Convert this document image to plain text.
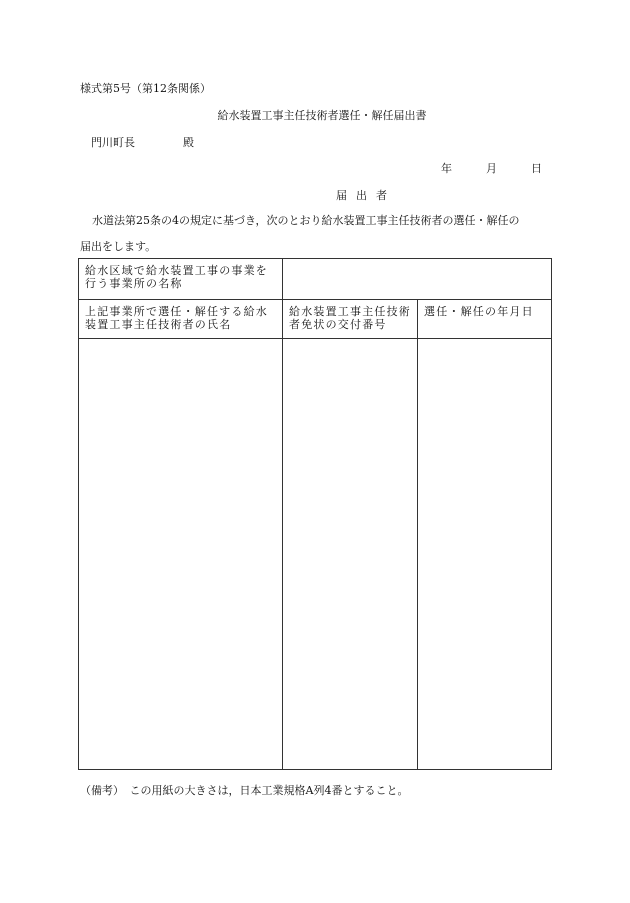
様式第5号（第12条関係）
給水装置工事主任技術者選任・解任届出書
門川町長	殿
年	月	日
届出者
水道法第25条の4の規定に基づき，次のとおり給水装置工事主任技術者の選任・解任の
届出をします。
給水区域で給水装置工事の事業を行う事業所の名称		
上記事業所で選任・解任する給水装置工事主任技術者の氏名	給水装置工事主任技術者免状の交付番号	選任・解任の年月日

（備考）　この用紙の大きさは，日本工業規格A列4番とすること。
